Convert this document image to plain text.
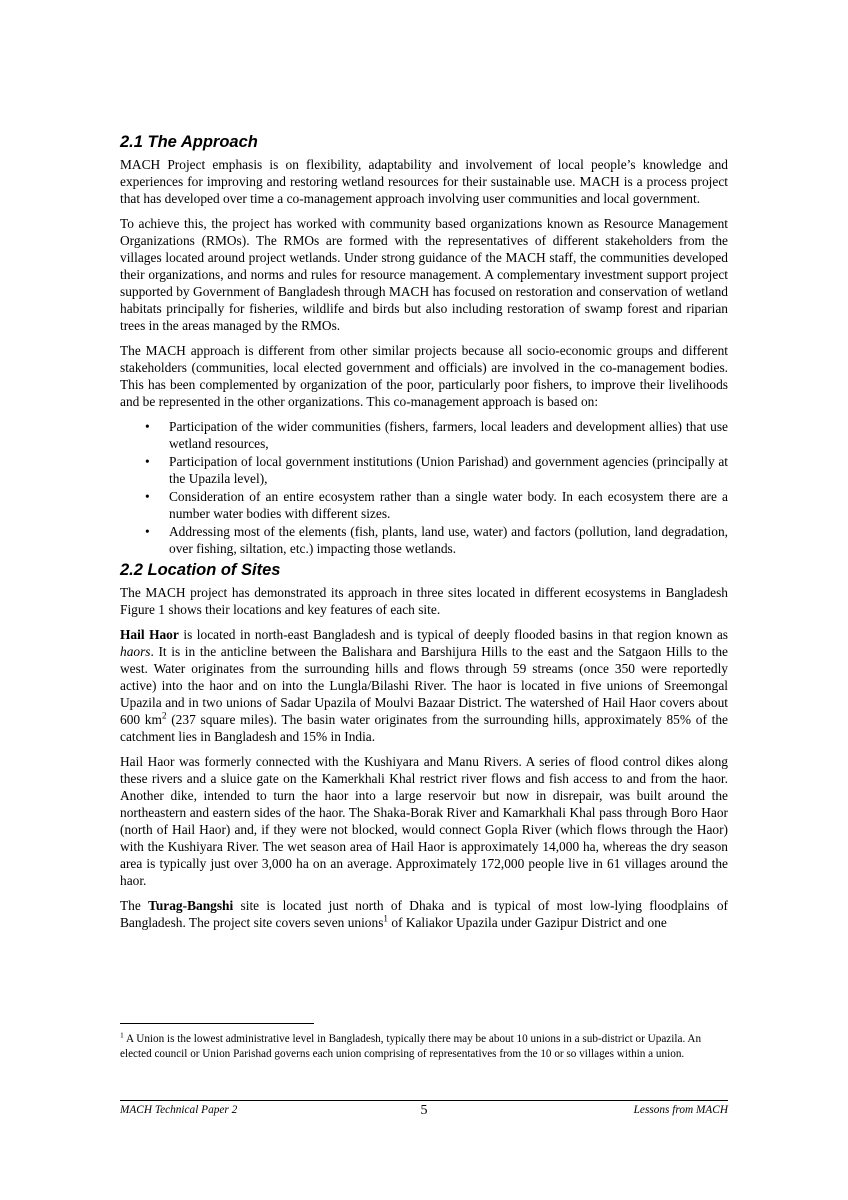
2.1 The Approach

MACH Project emphasis is on flexibility, adaptability and involvement of local people’s knowledge and experiences for improving and restoring wetland resources for their sustainable use. MACH is a process project that has developed over time a co-management approach involving user communities and local government.

To achieve this, the project has worked with community based organizations known as Resource Management Organizations (RMOs). The RMOs are formed with the representatives of different stakeholders from the villages located around project wetlands. Under strong guidance of the MACH staff, the communities developed their organizations, and norms and rules for resource management. A complementary investment support project supported by Government of Bangladesh through MACH has focused on restoration and conservation of wetland habitats principally for fisheries, wildlife and birds but also including restoration of swamp forest and riparian trees in the areas managed by the RMOs.

The MACH approach is different from other similar projects because all socio-economic groups and different stakeholders (communities, local elected government and officials) are involved in the co-management bodies. This has been complemented by organization of the poor, particularly poor fishers, to improve their livelihoods and be represented in the other organizations. This co-management approach is based on:

• Participation of the wider communities (fishers, farmers, local leaders and development allies) that use wetland resources,
• Participation of local government institutions (Union Parishad) and government agencies (principally at the Upazila level),
• Consideration of an entire ecosystem rather than a single water body. In each ecosystem there are a number water bodies with different sizes.
• Addressing most of the elements (fish, plants, land use, water) and factors (pollution, land degradation, over fishing, siltation, etc.) impacting those wetlands.
2.2 Location of Sites

The MACH project has demonstrated its approach in three sites located in different ecosystems in Bangladesh Figure 1 shows their locations and key features of each site.

Hail Haor is located in north-east Bangladesh and is typical of deeply flooded basins in that region known as haors. It is in the anticline between the Balishara and Barshijura Hills to the east and the Satgaon Hills to the west. Water originates from the surrounding hills and flows through 59 streams (once 350 were reportedly active) into the haor and on into the Lungla/Bilashi River. The haor is located in five unions of Sreemongal Upazila and in two unions of Sadar Upazila of Moulvi Bazaar District. The watershed of Hail Haor covers about 600 $km^2$ (237 square miles). The basin water originates from the surrounding hills, approximately 85% of the catchment lies in Bangladesh and 15% in India.

Hail Haor was formerly connected with the Kushiyara and Manu Rivers. A series of flood control dikes along these rivers and a sluice gate on the Kamerkhali Khal restrict river flows and fish access to and from the haor. Another dike, intended to turn the haor into a large reservoir but now in disrepair, was built around the northeastern and eastern sides of the haor. The Shaka-Borak River and Kamarkhali Khal pass through Boro Haor (north of Hail Haor) and, if they were not blocked, would connect Gopla River (which flows through the Haor) with the Kushiyara River. The wet season area of Hail Haor is approximately 14,000 ha, whereas the dry season area is typically just over 3,000 ha on an average. Approximately 172,000 people live in 61 villages around the haor.

The Turag-Bangshi site is located just north of Dhaka and is typical of most low-lying floodplains of Bangladesh. The project site covers seven unions$^1$ of Kaliakor Upazila under Gazipur District and one

$^1$ A Union is the lowest administrative level in Bangladesh, typically there may be about 10 unions in a sub-district or Upazila. An elected council or Union Parishad governs each union comprising of representatives from the 10 or so villages within a union.
MACH Technical Paper 2	5	Lessons from MACH
